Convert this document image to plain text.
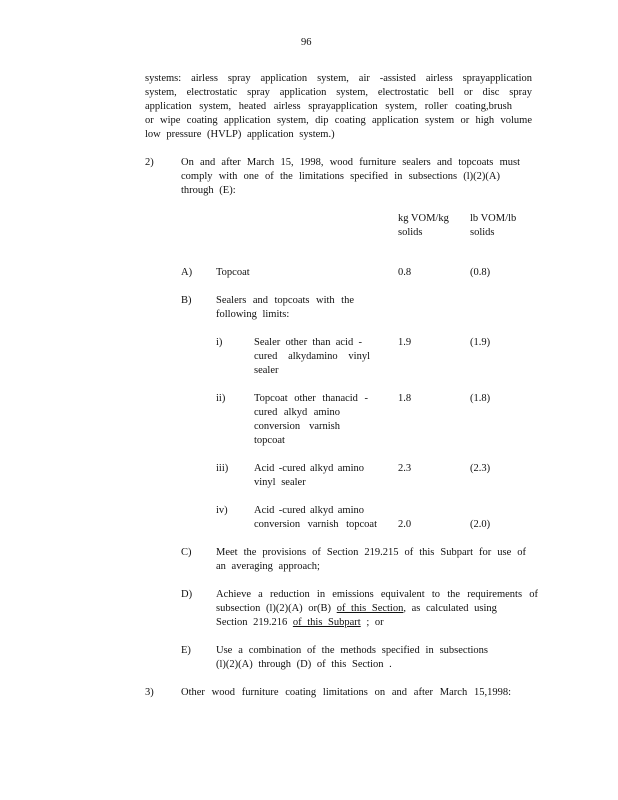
96
systems: airless spray application system, air -assisted airless sprayapplication
system, electrostatic spray application system, electrostatic bell or disc spray
application system, heated airless sprayapplication system, roller coating,brush
or wipe coating application system, dip coating application system or high volume
low pressure (HVLP) application system.)
2)	On and after March 15, 1998, wood furniture sealers and topcoats must
comply with one of the limitations specified in subsections (l)(2)(A)
through (E):
kg VOM/kg
solids
lb VOM/lb
solids
A) Topcoat	0.8	(0.8)
B) Sealers and topcoats with the
following limits:
i)	Sealer other than acid -
cured alkydamino vinyl
sealer
1.9	(1.9)
ii)	Topcoat other thanacid -
cured alkyd amino
conversion varnish
topcoat
1.8	(1.8)
iii) Acid -cured alkyd amino
vinyl sealer
2.3	(2.3)
iv)	Acid -cured alkyd amino
conversion varnish topcoat 2.0	(2.0)
C) Meet the provisions of Section 219.215 of this Subpart for use of
an averaging approach;
D) Achieve a reduction in emissions equivalent to the requirements of
subsection (l)(2)(A) or(B) of this Section, as calculated using
Section 219.216 of this Subpart ; or
E) Use a combination of the methods specified in subsections
(l)(2)(A) through (D) of this Section .
3)	Other wood furniture coating limitations on and after March 15,1998:
